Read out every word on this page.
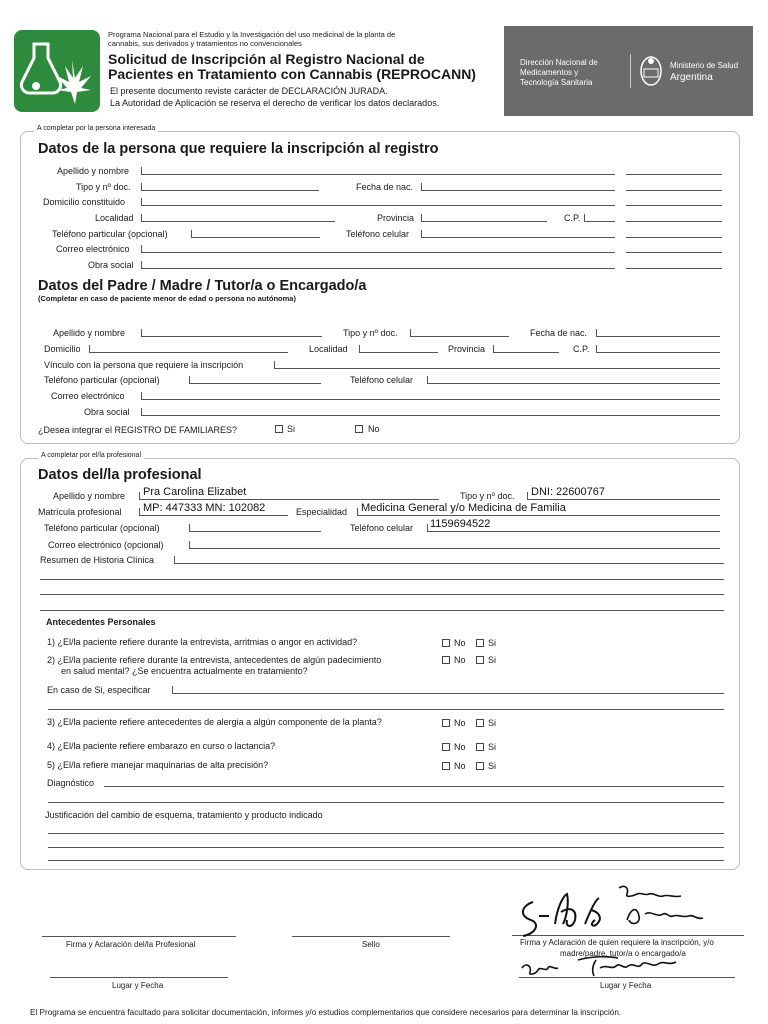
Programa Nacional para el Estudio y la Investigación del uso medicinal de la planta de cannabis, sus derivados y tratamientos no convencionales
Solicitud de Inscripción al Registro Nacional de
Pacientes en Tratamiento con Cannabis (REPROCANN)
El presente documento reviste carácter de DECLARACIÓN JURADA.
La Autoridad de Aplicación se reserva el derecho de verificar los datos declarados.
Dirección Nacional de
Medicamentos y
Tecnología Sanitaria
Ministerio de Salud
Argentina
A completar por la persona interesada
Datos de la persona que requiere la inscripción al registro
Apellido y nombre
Tipo y nº doc.	Fecha de nac.
Domicilio constituido
Localidad	Provincia	C.P.
Teléfono particular (opcional)	Teléfono celular
Correo electrónico
Obra social
Datos del Padre / Madre / Tutor/a o Encargado/a
(Completar en caso de paciente menor de edad o persona no autónoma)
Apellido y nombre	Tipo y nº doc.	Fecha de nac.
Domicilio	Localidad	Provincia	C.P.
Vínculo con la persona que requiere la inscripción
Teléfono particular (opcional)	Teléfono celular
Correo electrónico
Obra social
¿Desea integrar el REGISTRO DE FAMILIARES?	Si	No
A completar por el/la profesional
Datos del/la profesional
Apellido y nombre Pra Carolina Elizabet	Tipo y nº doc. DNI: 22600767
Matrícula profesional MP: 447333 MN: 102082	Especialidad Medicina General y/o Medicina de Familia
Teléfono particular (opcional)	Teléfono celular 1159694522
Correo electrónico (opcional)
Resumen de Historia Clínica
Antecedentes Personales
1) ¿El/la paciente refiere durante la entrevista, arritmias o angor en actividad?	No Si
2) ¿El/la paciente refiere durante la entrevista, antecedentes de algún padecimiento
en salud mental? ¿Se encuentra actualmente en tratamiento?
No Si
En caso de Si, especificar
3) ¿El/la paciente refiere antecedentes de alergia a algún componente de la planta?	No Si
4) ¿El/la paciente refiere embarazo en curso o lactancia?	No Si
5) ¿El/la refiere manejar maquinarias de alta precisión?	No Si
Diagnóstico
Justificación del cambio de esquema, tratamiento y producto indicado
Firma y Aclaración del/la Profesional	Sello	Firma y Aclaración de quien requiere la inscripción, y/o
madre/padre, tutor/a o encargado/a
Lugar y Fecha	Lugar y Fecha
El Programa se encuentra facultado para solicitar documentación, informes y/o estudios complementarios que considere necesarios para determinar la inscripción.
